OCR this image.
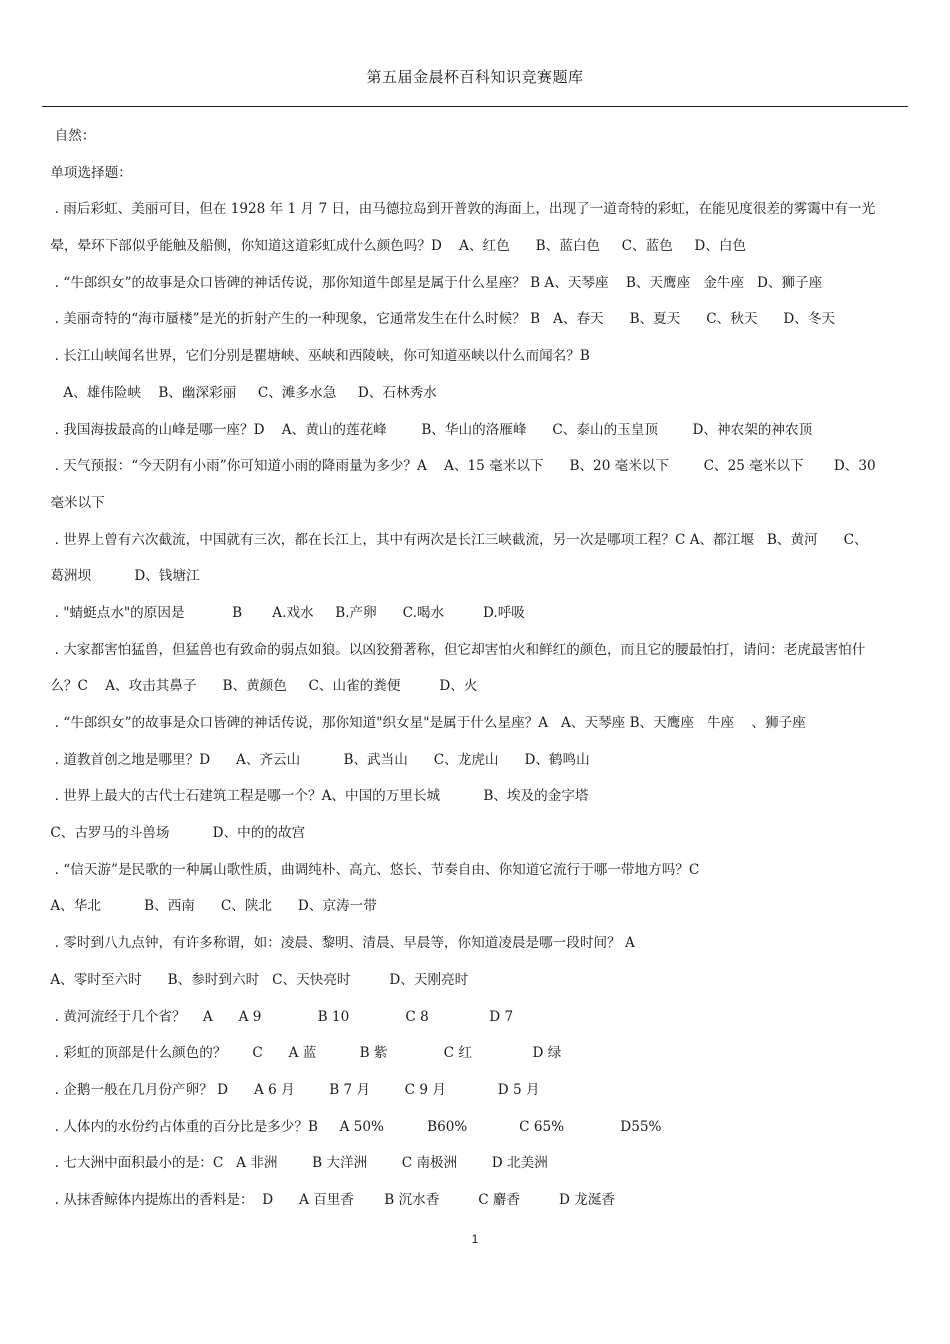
第五届金晨杯百科知识竞赛题库
自然：
单项选择题：
. 雨后彩虹、美丽可目，但在 1928 年 1 月 7 日，由马德拉岛到开普敦的海面上，出现了一道奇特的彩虹，在能见度很差的雾霭中有一光
晕，晕环下部似乎能触及船侧，你知道这道彩虹成什么颜色吗？D    A、红色      B、蓝白色     C、蓝色     D、白色
. “牛郎织女”的故事是众口皆碑的神话传说，那你知道牛郎星是属于什么星座？ B A、天琴座    B、天鹰座   金牛座   D、狮子座
. 美丽奇特的“海市蜃楼”是光的折射产生的一种现象，它通常发生在什么时候？ B   A、春天      B、夏天      C、秋天      D、冬天
. 长江山峡闻名世界，它们分别是瞿塘峡、巫峡和西陵峡，你可知道巫峡以什么而闻名？B
A、雄伟险峡    B、幽深彩丽     C、滩多水急     D、石林秀水
. 我国海拔最高的山峰是哪一座？D    A、黄山的莲花峰        B、华山的洛雁峰      C、泰山的玉皇顶        D、神农架的神农顶
. 天气预报：“今天阴有小雨”你可知道小雨的降雨量为多少？A    A、15 毫米以下      B、20 毫米以下        C、25 毫米以下       D、30
毫米以下
. 世界上曾有六次截流，中国就有三次，都在长江上，其中有两次是长江三峡截流，另一次是哪项工程？C A、都江堰   B、黄河      C、
葛洲坝          D、钱塘江
. "蜻蜓点水"的原因是           B       A.戏水     B.产卵      C.喝水         D.呼吸
. 大家都害怕猛兽，但猛兽也有致命的弱点如狼。以凶狡猾著称，但它却害怕火和鲜红的颜色，而且它的腰最怕打，请问：老虎最害怕什
么？C    A、攻击其鼻子      B、黄颜色     C、山雀的粪便         D、火
. “牛郎织女”的故事是众口皆碑的神话传说，那你知道"织女星"是属于什么星座？A   A、天琴座 B、天鹰座   牛座    、狮子座
. 道教首创之地是哪里？D      A、齐云山          B、武当山      C、龙虎山      D、鹤鸣山
. 世界上最大的古代士石建筑工程是哪一个？A、中国的万里长城          B、埃及的金字塔
C、古罗马的斗兽场          D、中的的故宫
. “信天游”是民歌的一种属山歌性质，曲调纯朴、高亢、悠长、节奏自由、你知道它流行于哪一带地方吗？C
A、华北          B、西南      C、陕北      D、京涛一带
. 零时到八九点钟，有许多称谓，如：凌晨、黎明、清晨、早晨等，你知道凌晨是哪一段时间？ A
A、零时至六时      B、参时到六时   C、天快亮时         D、天刚亮时
. 黄河流经于几个省？    A      A 9             B 10             C 8              D 7
. 彩虹的顶部是什么颜色的？      C      A 蓝          B 紫             C 红              D 绿
. 企鹅一般在几月份产卵？ D      A 6 月        B 7 月        C 9 月            D 5 月
. 人体内的水份约占体重的百分比是多少？B     A 50%          B60%            C 65%             D55%
. 七大洲中面积最小的是：C   A 非洲        B 大洋洲        C 南极洲        D 北美洲
. 从抹香鲸体内提炼出的香料是：  D      A 百里香       B 沉水香         C 麝香         D 龙涎香
1
